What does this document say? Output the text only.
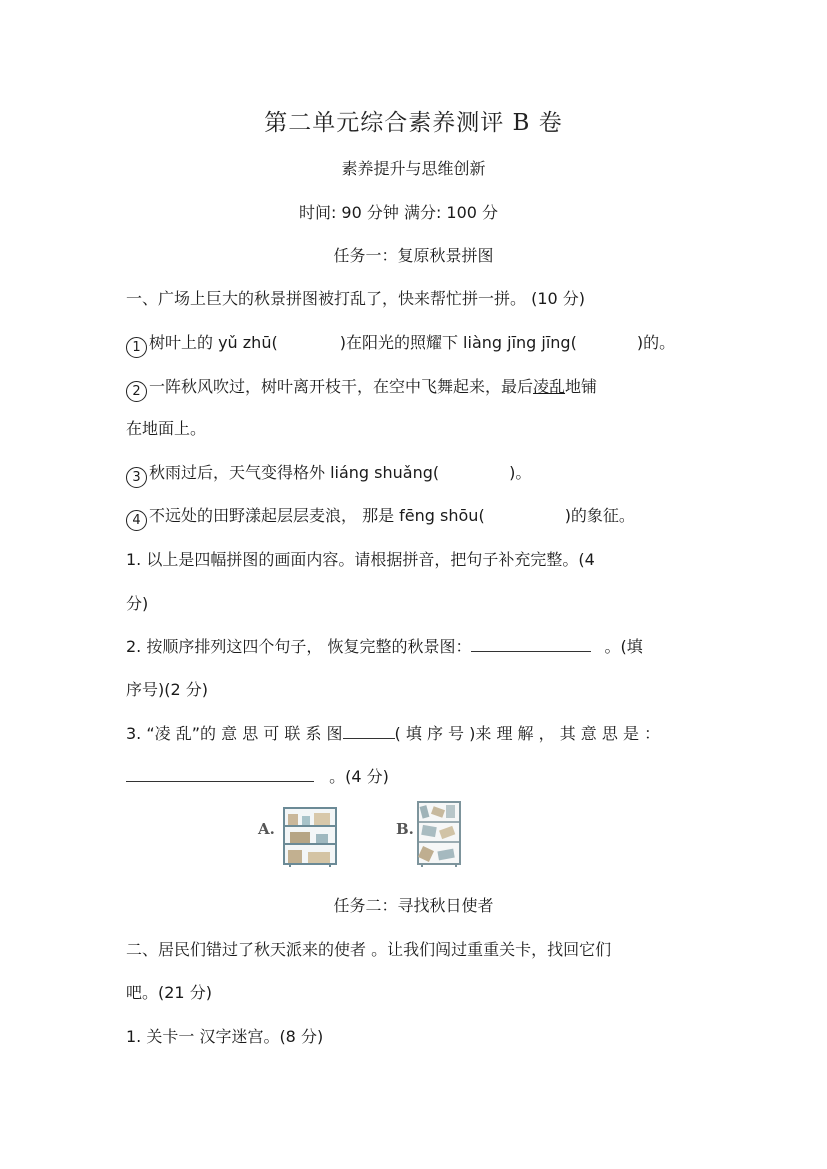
第二单元综合素养测评 B 卷
素养提升与思维创新
时间: 90 分钟 满分: 100 分
任务一：复原秋景拼图
一、广场上巨大的秋景拼图被打乱了，快来帮忙拼一拼。 (10 分)
1 树叶上的 yǔ zhū(	)在阳光的照耀下 liàng jīng jīng(	)的。
2 一阵秋风吹过，树叶离开枝干，在空中飞舞起来，最后凌乱地铺
在地面上。
3 秋雨过后，天气变得格外 liáng shuǎng(	)。
4 不远处的田野漾起层层麦浪， 那是 fēng shōu(	)的象征。
1. 以上是四幅拼图的画面内容。请根据拼音，把句子补充完整。(4
分)
2. 按顺序排列这四个句子， 恢复完整的秋景图：	。(填
序号)(2 分)
3. “凌 乱”的 意 思 可 联 系 图	( 填 序 号 )来 理 解 ， 其 意 思 是 ：
。(4 分)
A.	B.
任务二：寻找秋日使者
二、居民们错过了秋天派来的使者 。让我们闯过重重关卡，找回它们
吧。(21 分)
1. 关卡一 汉字迷宫。(8 分)
